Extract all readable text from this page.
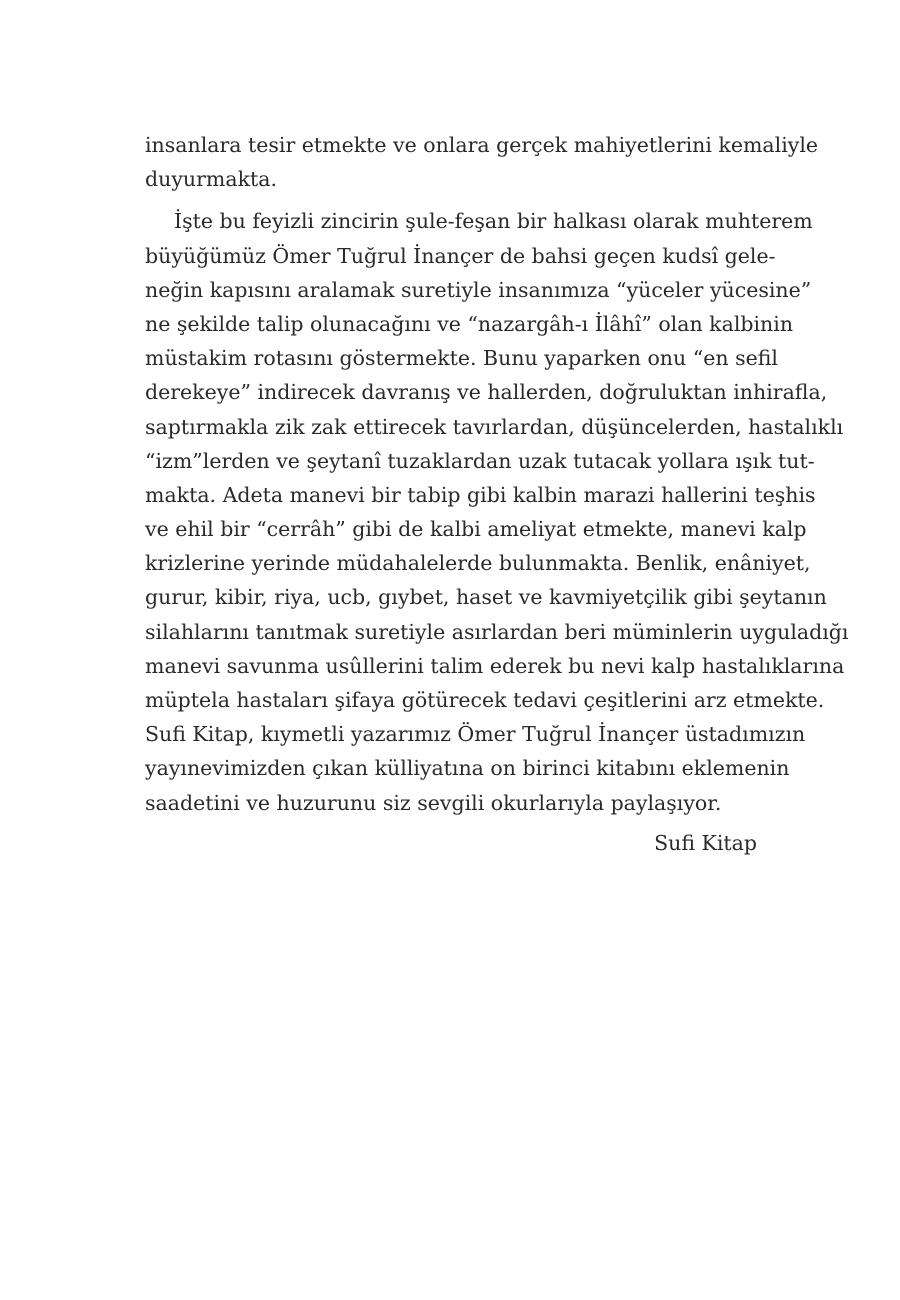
insanlara tesir etmekte ve onlara gerçek mahiyetlerini kemaliyle
duyurmakta.
İşte bu feyizli zincirin şule-feşan bir halkası olarak muhterem
büyüğümüz Ömer Tuğrul İnançer de bahsi geçen kudsî gele-
neğin kapısını aralamak suretiyle insanımıza “yüceler yücesine”
ne şekilde talip olunacağını ve “nazargâh-ı İlâhî” olan kalbinin
müstakim rotasını göstermekte. Bunu yaparken onu “en sefil
derekeye” indirecek davranış ve hallerden, doğruluktan inhirafla,
saptırmakla zik zak ettirecek tavırlardan, düşüncelerden, hastalıklı
“izm”lerden ve şeytanî tuzaklardan uzak tutacak yollara ışık tut-
makta. Adeta manevi bir tabip gibi kalbin marazi hallerini teşhis
ve ehil bir “cerrâh” gibi de kalbi ameliyat etmekte, manevi kalp
krizlerine yerinde müdahalelerde bulunmakta. Benlik, enâniyet,
gurur, kibir, riya, ucb, gıybet, haset ve kavmiyetçilik gibi şeytanın
silahlarını tanıtmak suretiyle asırlardan beri müminlerin uyguladığı
manevi savunma usûllerini talim ederek bu nevi kalp hastalıklarına
müptela hastaları şifaya götürecek tedavi çeşitlerini arz etmekte.
Sufi Kitap, kıymetli yazarımız Ömer Tuğrul İnançer üstadımızın
yayınevimizden çıkan külliyatına on birinci kitabını eklemenin
saadetini ve huzurunu siz sevgili okurlarıyla paylaşıyor.
Sufi Kitap
